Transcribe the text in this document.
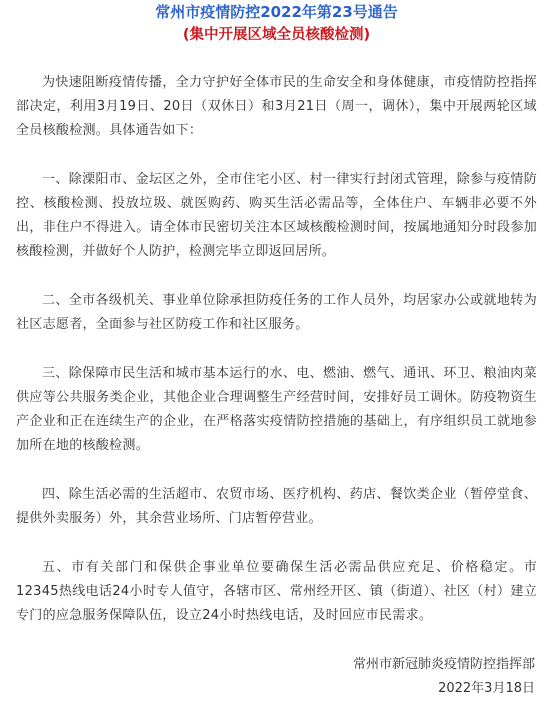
常州市疫情防控2022年第23号通告
(集中开展区域全员核酸检测)

为快速阻断疫情传播，全力守护好全体市民的生命安全和身体健康，市疫情防控指挥部决定，利用3月19日、20日（双休日）和3月21日（周一，调休），集中开展两轮区域全员核酸检测。具体通告如下：

一、除溧阳市、金坛区之外，全市住宅小区、村一律实行封闭式管理，除参与疫情防控、核酸检测、投放垃圾、就医购药、购买生活必需品等，全体住户、车辆非必要不外出，非住户不得进入。请全体市民密切关注本区域核酸检测时间，按属地通知分时段参加核酸检测，并做好个人防护，检测完毕立即返回居所。

二、全市各级机关、事业单位除承担防疫任务的工作人员外，均居家办公或就地转为社区志愿者，全面参与社区防疫工作和社区服务。

三、除保障市民生活和城市基本运行的水、电、燃油、燃气、通讯、环卫、粮油肉菜供应等公共服务类企业，其他企业合理调整生产经营时间，安排好员工调休。防疫物资生产企业和正在连续生产的企业，在严格落实疫情防控措施的基础上，有序组织员工就地参加所在地的核酸检测。

四、除生活必需的生活超市、农贸市场、医疗机构、药店、餐饮类企业（暂停堂食、提供外卖服务）外，其余营业场所、门店暂停营业。

五、市有关部门和保供企事业单位要确保生活必需品供应充足、价格稳定。市12345热线电话24小时专人值守，各辖市区、常州经开区、镇（街道）、社区（村）建立专门的应急服务保障队伍，设立24小时热线电话，及时回应市民需求。

常州市新冠肺炎疫情防控指挥部
2022年3月18日
